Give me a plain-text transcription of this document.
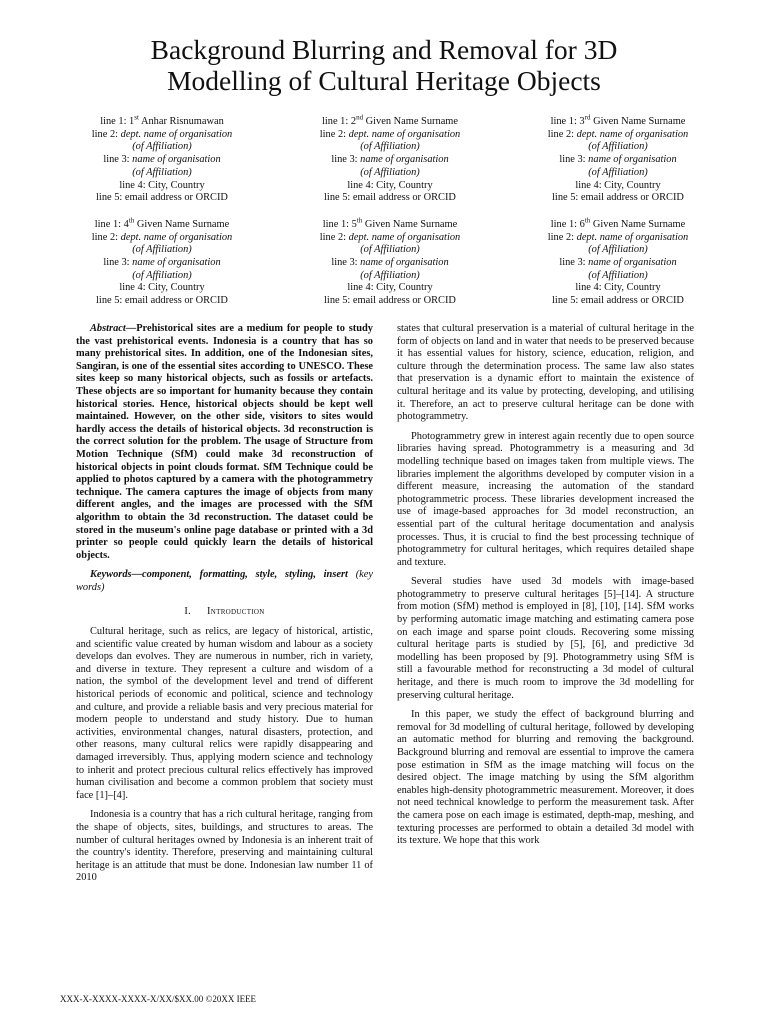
Background Blurring and Removal for 3D
Modelling of Cultural Heritage Objects
line 1: 1st Anhar Risnumawan
line 2: dept. name of organisation
(of Affiliation)
line 3: name of organisation
(of Affiliation)
line 4: City, Country
line 5: email address or ORCID
line 1: 2nd Given Name Surname
line 2: dept. name of organisation
(of Affiliation)
line 3: name of organisation
(of Affiliation)
line 4: City, Country
line 5: email address or ORCID
line 1: 3rd Given Name Surname
line 2: dept. name of organisation
(of Affiliation)
line 3: name of organisation
(of Affiliation)
line 4: City, Country
line 5: email address or ORCID
line 1: 4th Given Name Surname
line 2: dept. name of organisation
(of Affiliation)
line 3: name of organisation
(of Affiliation)
line 4: City, Country
line 5: email address or ORCID
line 1: 5th Given Name Surname
line 2: dept. name of organisation
(of Affiliation)
line 3: name of organisation
(of Affiliation)
line 4: City, Country
line 5: email address or ORCID
line 1: 6th Given Name Surname
line 2: dept. name of organisation
(of Affiliation)
line 3: name of organisation
(of Affiliation)
line 4: City, Country
line 5: email address or ORCID

Abstract—Prehistorical sites are a medium for people to study the vast prehistorical events. Indonesia is a country that has so many prehistorical sites. In addition, one of the Indonesian sites, Sangiran, is one of the essential sites according to UNESCO. These sites keep so many historical objects, such as fossils or artefacts. These objects are so important for humanity because they contain historical stories. Hence, historical objects should be kept well maintained. However, on the other side, visitors to sites would hardly access the details of historical objects. 3d reconstruction is the correct solution for the problem. The usage of Structure from Motion Technique (SfM) could make 3d reconstruction of historical objects in point clouds format. SfM Technique could be applied to photos captured by a camera with the photogrammetry technique. The camera captures the image of objects from many different angles, and the images are processed with the SfM algorithm to obtain the 3d reconstruction. The dataset could be stored in the museum's online page database or printed with a 3d printer so people could quickly learn the details of historical objects.

Keywords—component, formatting, style, styling, insert (key words)

I. Introduction

Cultural heritage, such as relics, are legacy of historical, artistic, and scientific value created by human wisdom and labour as a society develops dan evolves. They are numerous in number, rich in variety, and diverse in texture. They represent a culture and wisdom of a nation, the symbol of the development level and trend of different historical periods of economic and political, science and technology and culture, and provide a reliable basis and very precious material for modern people to understand and study history. Due to human activities, environmental changes, natural disasters, protection, and other reasons, many cultural relics were rapidly disappearing and damaged irreversibly. Thus, applying modern science and technology to inherit and protect precious cultural relics effectively has improved human civilisation and become a common problem that society must face [1]–[4].

Indonesia is a country that has a rich cultural heritage, ranging from the shape of objects, sites, buildings, and structures to areas. The number of cultural heritages owned by Indonesia is an inherent trait of the country's identity. Therefore, preserving and maintaining cultural heritage is an attitude that must be done. Indonesian law number 11 of 2010

states that cultural preservation is a material of cultural heritage in the form of objects on land and in water that needs to be preserved because it has essential values for history, science, education, religion, and culture through the determination process. The same law also states that preservation is a dynamic effort to maintain the existence of cultural heritage and its value by protecting, developing, and utilising it. Therefore, an act to preserve cultural heritage can be done with photogrammetry.

Photogrammetry grew in interest again recently due to open source libraries having spread. Photogrammetry is a measuring and 3d modelling technique based on images taken from multiple views. The libraries implement the algorithms developed by computer vision in a different measure, increasing the automation of the standard photogrammetric process. These libraries development increased the use of image-based approaches for 3d model reconstruction, an essential part of the cultural heritage documentation and analysis processes. Thus, it is crucial to find the best processing technique of photogrammetry for cultural heritages, which requires detailed shape and texture.

Several studies have used 3d models with image-based photogrammetry to preserve cultural heritages [5]–[14]. A structure from motion (SfM) method is employed in [8], [10], [14]. SfM works by performing automatic image matching and estimating camera pose on each image and sparse point clouds. Recovering some missing cultural heritage parts is studied by [5], [6], and predictive 3d modelling has been proposed by [9]. Photogrammetry using SfM is still a favourable method for reconstructing a 3d model of cultural heritage, and there is much room to improve the 3d modelling for preserving cultural heritage.

In this paper, we study the effect of background blurring and removal for 3d modelling of cultural heritage, followed by developing an automatic method for blurring and removing the background. Background blurring and removal are essential to improve the camera pose estimation in SfM as the image matching will focus on the desired object. The image matching by using the SfM algorithm enables high-density photogrammetric measurement. Moreover, it does not need technical knowledge to perform the measurement task. After the camera pose on each image is estimated, depth-map, meshing, and texturing processes are performed to obtain a detailed 3d model with its texture. We hope that this work

XXX-X-XXXX-XXXX-X/XX/$XX.00 ©20XX IEEE
